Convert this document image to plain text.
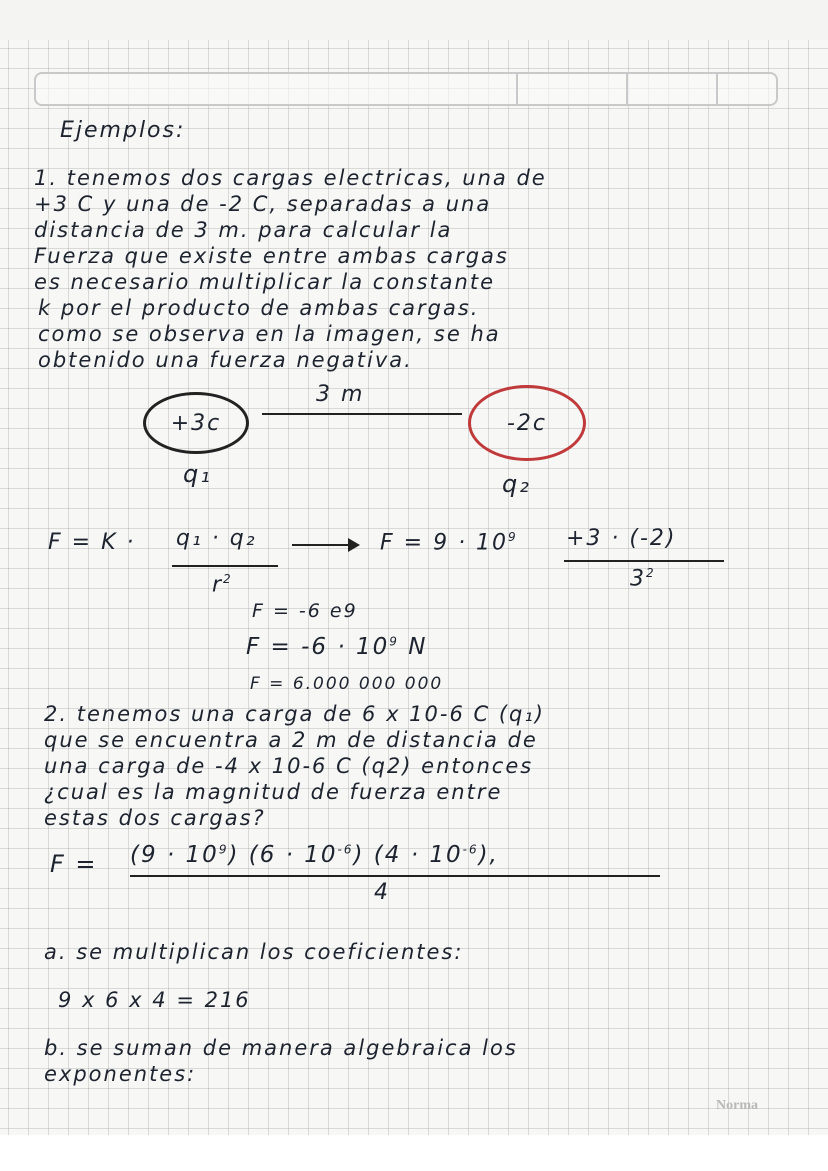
Ejemplos:
1. tenemos dos cargas electricas, una de
+3 C y una de -2 C, separadas a una
distancia de 3 m. para calcular la
Fuerza que existe entre ambas cargas
es necesario multiplicar la constante
k por el producto de ambas cargas.
como se observa en la imagen, se ha
obtenido una fuerza negativa.
+3c
3 m
-2c
q₁	q₂
F = K · q₁ · q₂
$r^2$
$F = 9 \cdot 10^9 +3 \cdot (-2)$
$3^2$
F = -6 e9
$F = -6 \cdot 10^9$ N
F = 6.000 000 000
2. tenemos una carga de 6 x 10-6 C (q₁)
que se encuentra a 2 m de distancia de
una carga de -4 x 10-6 C (q2) entonces
¿cual es la magnitud de fuerza entre
estas dos cargas?
$F = (9 \cdot 10^9)$ $(6 \cdot 10^{-6})$ $(4 \cdot 10^{-6})$,
4
a. se multiplican los coeficientes:
9 x 6 x 4 = 216
b. se suman de manera algebraica los
exponentes:
Norma
